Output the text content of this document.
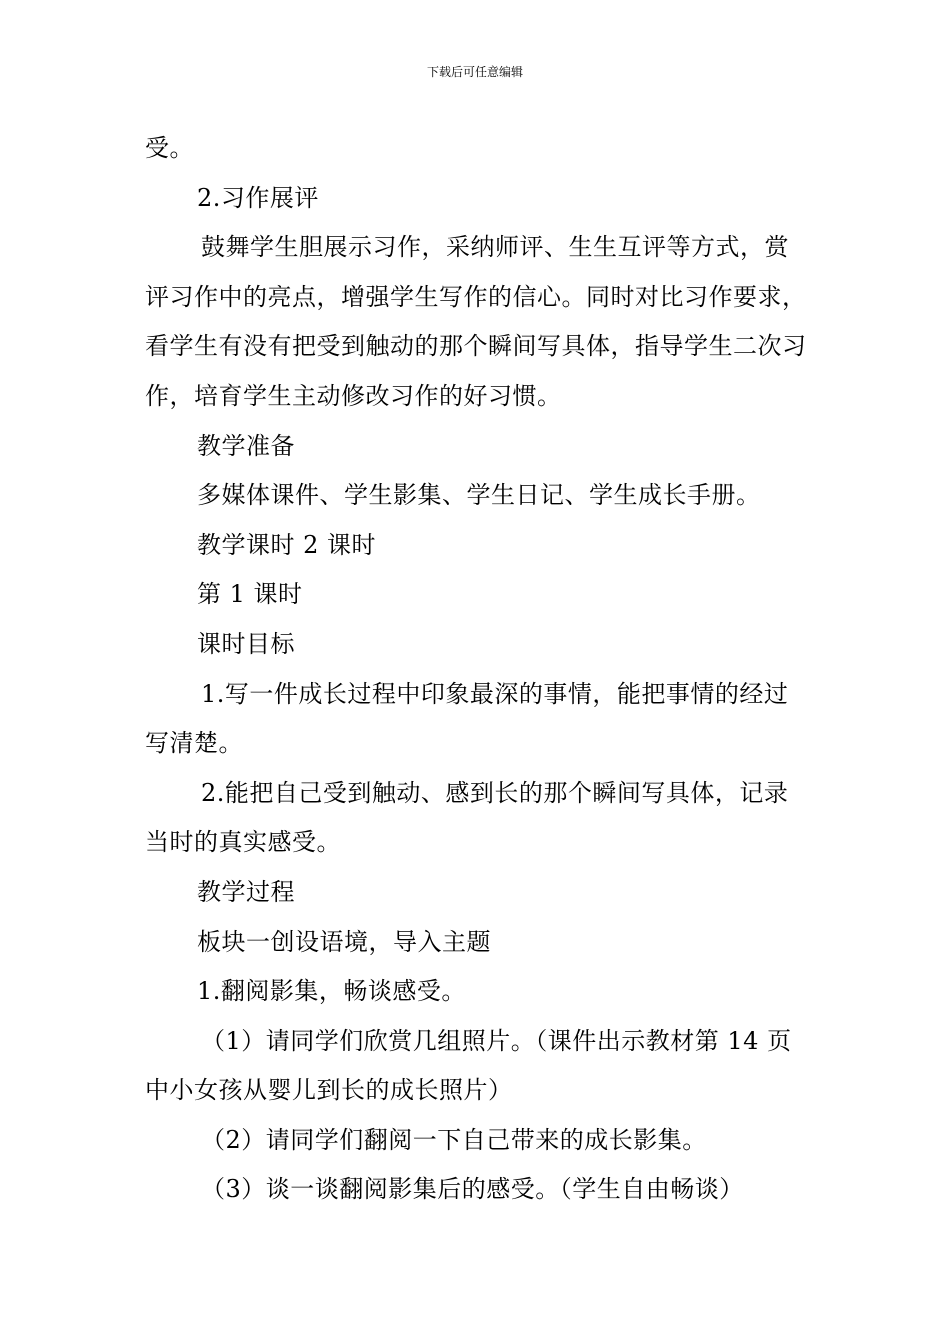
下载后可任意编辑

受。

2.习作展评

鼓舞学生胆展示习作，采纳师评、生生互评等方式，赏评习作中的亮点，增强学生写作的信心。同时对比习作要求，看学生有没有把受到触动的那个瞬间写具体，指导学生二次习作，培育学生主动修改习作的好习惯。

教学准备

多媒体课件、学生影集、学生日记、学生成长手册。

教学课时 2 课时

第 1 课时

课时目标

1.写一件成长过程中印象最深的事情，能把事情的经过写清楚。

2.能把自己受到触动、感到长的那个瞬间写具体，记录当时的真实感受。

教学过程

板块一创设语境，导入主题

1.翻阅影集，畅谈感受。

（1）请同学们欣赏几组照片。（课件出示教材第 14 页中小女孩从婴儿到长的成长照片）

（2）请同学们翻阅一下自己带来的成长影集。

（3）谈一谈翻阅影集后的感受。（学生自由畅谈）
